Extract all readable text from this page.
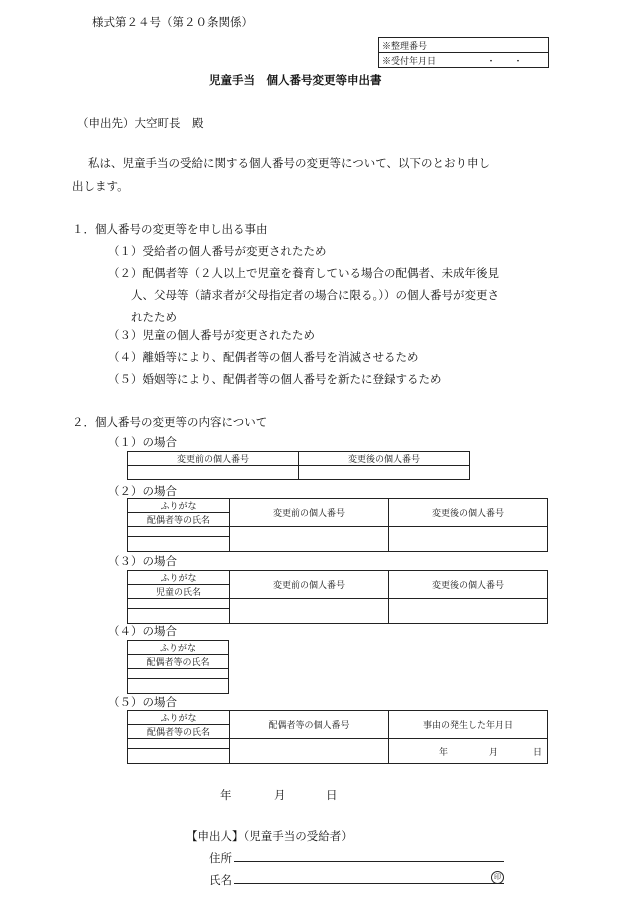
様式第２４号（第２０条関係）
※整理番号
※受付年月日	・　　・
児童手当　個人番号変更等申出書
（申出先）大空町長　殿
私は、児童手当の受給に関する個人番号の変更等について、以下のとおり申し
出します。
１．個人番号の変更等を申し出る事由
（１）受給者の個人番号が変更されたため
（２）配偶者等（２人以上で児童を養育している場合の配偶者、未成年後見
人、父母等（請求者が父母指定者の場合に限る。））の個人番号が変更さ
れたため
（３）児童の個人番号が変更されたため
（４）離婚等により、配偶者等の個人番号を消滅させるため
（５）婚姻等により、配偶者等の個人番号を新たに登録するため
２．個人番号の変更等の内容について
（１）の場合
変更前の個人番号	変更後の個人番号

（２）の場合
ふりがな	変更前の個人番号	変更後の個人番号
配偶者等の氏名		

（３）の場合
ふりがな	変更前の個人番号	変更後の個人番号
児童の氏名		

（４）の場合
ふりがな
配偶者等の氏名

（５）の場合
ふりがな	配偶者等の個人番号	事由の発生した年月日
配偶者等の氏名		

		年 月 日

年	月	日
【申出人】（児童手当の受給者）
住所
氏名	印
